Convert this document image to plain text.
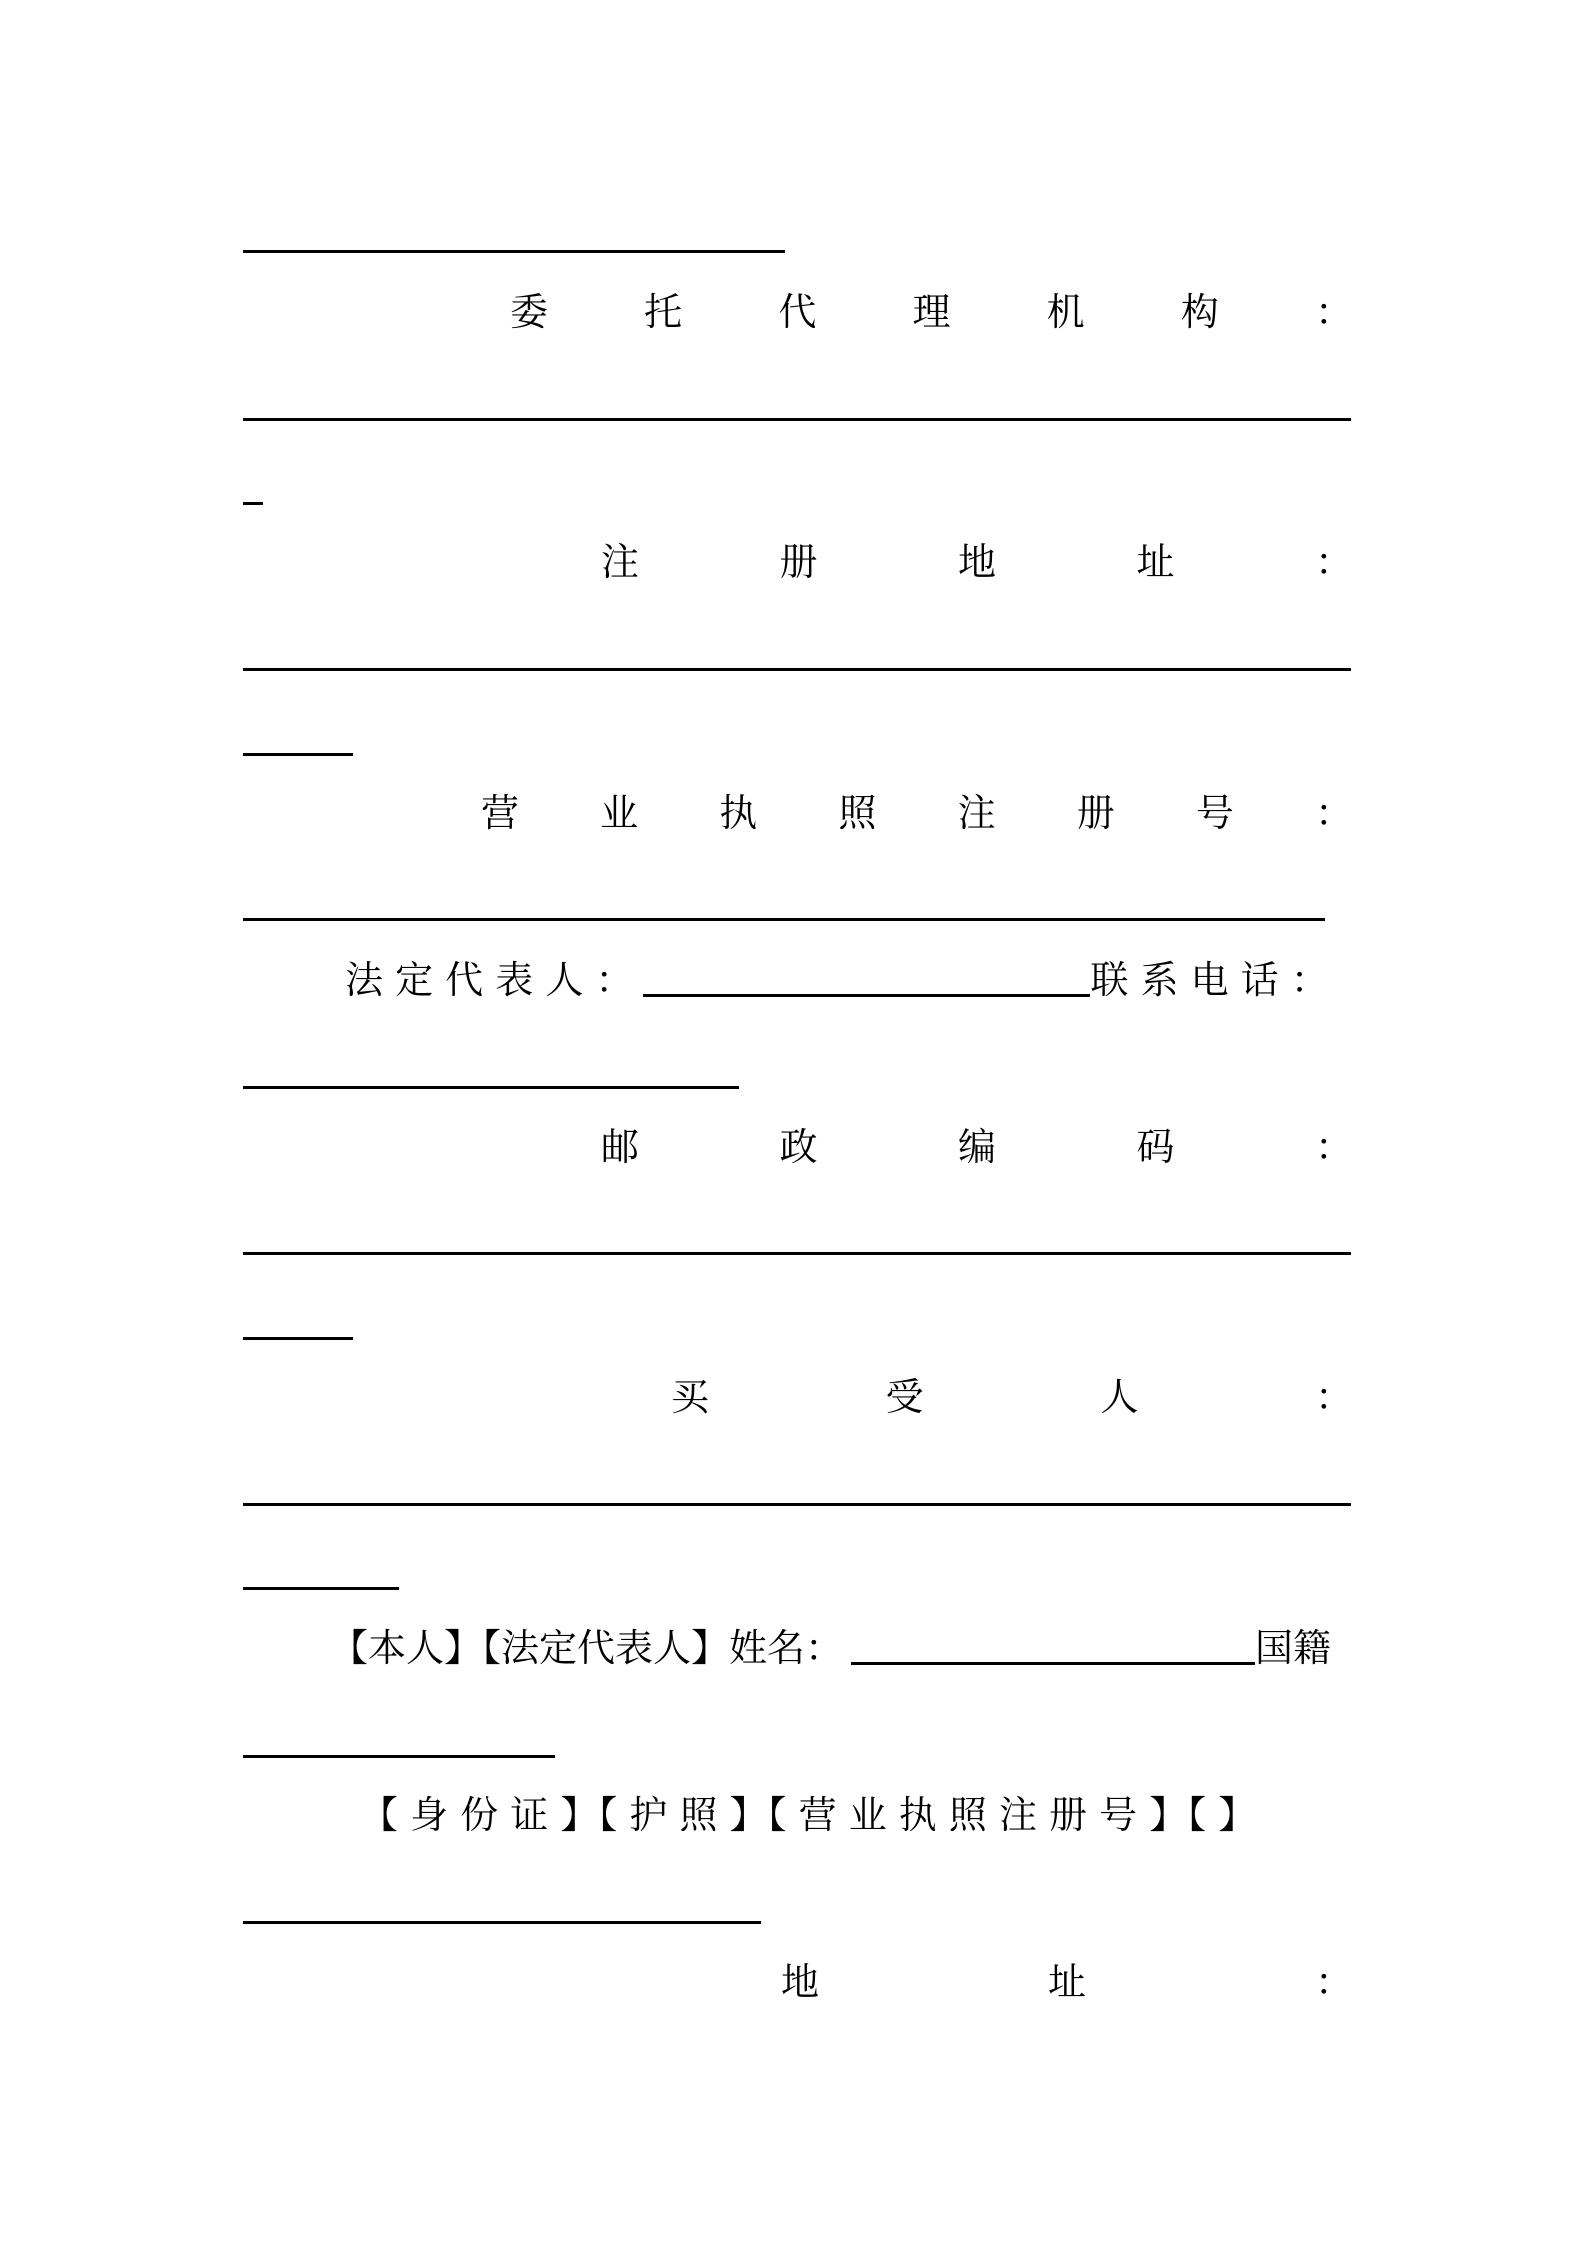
委	托	代	理	机	构	：
注	册	地	址	：
营 业 执 照 注 册 号 ：
法 定 代 表 人 ：	联 系 电 话 ：
邮	政	编	码	：
买	受	人	：
【本人】【法定代表人】姓名：	国籍
【 身 份 证 】【 护 照 】【 营 业 执 照 注 册 号 】【 】
地	址	：
